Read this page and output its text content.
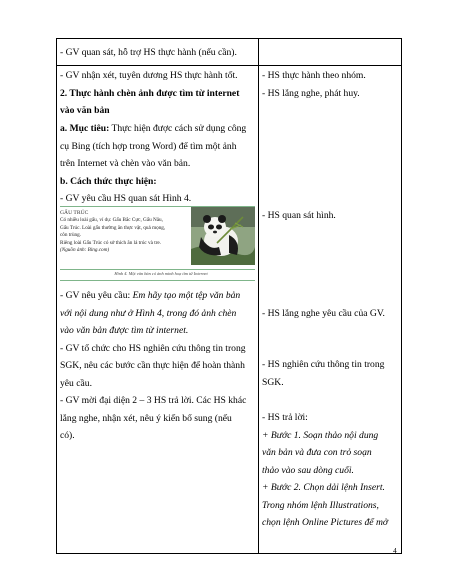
- GV quan sát, hỗ trợ HS thực hành (nếu cần).
- GV nhận xét, tuyên dương HS thực hành tốt.
2. Thực hành chèn ảnh được tìm từ internet
vào văn bản
a. Mục tiêu: Thực hiện được cách sử dụng công
cụ Bing (tích hợp trong Word) để tìm một ảnh
trên Internet và chèn vào văn bản.
b. Cách thức thực hiện:
- GV yêu cầu HS quan sát Hình 4.
GẤU TRÚC
Có nhiều loài gấu, ví dụ: Gấu Bắc Cực, Gấu Nâu,
Gấu Trúc. Loài gấu thường ăn thực vật, quả mọng,
côn trùng.
Riêng loài Gấu Trúc có sở thích ăn lá trúc và tre.
(Nguồn ảnh: Bing.com)
Hình 4. Một văn bản có ảnh minh hoạ tìm từ Internet
- GV nêu yêu cầu: Em hãy tạo một tệp văn bản
với nội dung như ở Hình 4, trong đó ảnh chèn
vào văn bản được tìm từ internet.
- GV tổ chức cho HS nghiên cứu thông tin trong
SGK, nêu các bước cần thực hiện để hoàn thành
yêu cầu.
- GV mời đại diện 2 – 3 HS trả lời. Các HS khác
lắng nghe, nhận xét, nêu ý kiến bổ sung (nếu
có).
- HS thực hành theo nhóm.
- HS lắng nghe, phát huy.
- HS quan sát hình.
- HS lắng nghe yêu cầu của GV.
- HS nghiên cứu thông tin trong
SGK.
- HS trả lời:
+ Bước 1. Soạn thảo nội dung
văn bản và đưa con trỏ soạn
thảo vào sau dòng cuối.
+ Bước 2. Chọn dải lệnh Insert.
Trong nhóm lệnh Illustrations,
chọn lệnh Online Pictures để mở
4
